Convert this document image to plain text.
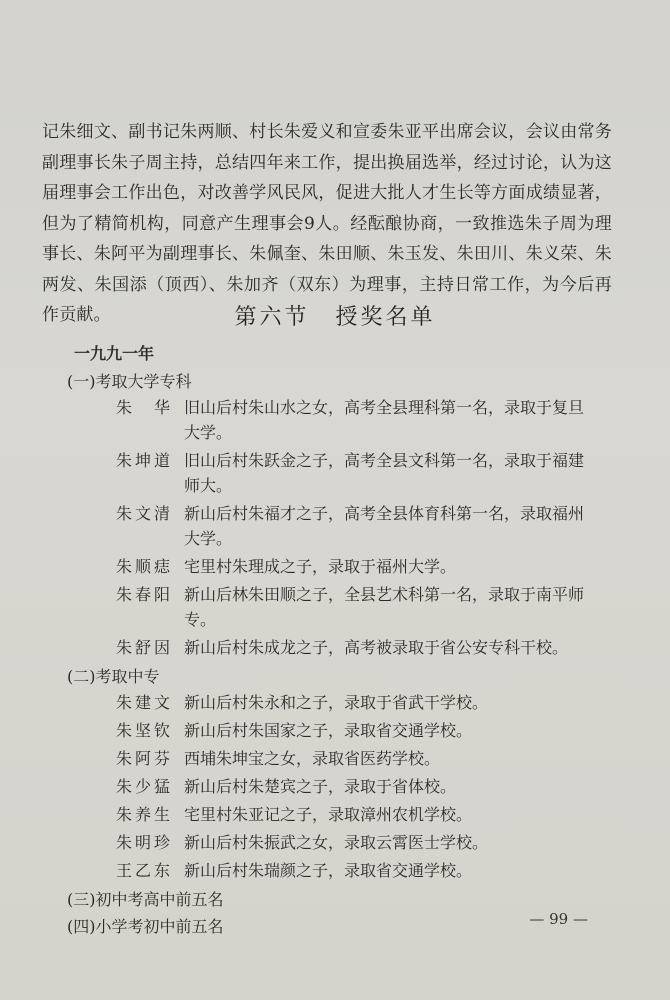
记朱细文、副书记朱两顺、村长朱爱义和宣委朱亚平出席会议，会议由常务副理事长朱子周主持，总结四年来工作，提出换届选举，经过讨论，认为这届理事会工作出色，对改善学风民风，促进大批人才生长等方面成绩显著，但为了精简机构，同意产生理事会9人。经酝酿协商，一致推选朱子周为理事长、朱阿平为副理事长、朱佩奎、朱田顺、朱玉发、朱田川、朱义荣、朱两发、朱国添（顶西）、朱加齐（双东）为理事，主持日常工作，为今后再作贡献。	第六节 授奖名单
一九九一年
(一)考取大学专科
朱　华 旧山后村朱山水之女，高考全县理科第一名，录取于复旦大学。
朱坤道 旧山后村朱跃金之子，高考全县文科第一名，录取于福建师大。
朱文清 新山后村朱福才之子，高考全县体育科第一名，录取福州大学。
朱顺痣 宅里村朱理成之子，录取于福州大学。
朱春阳 新山后林朱田顺之子，全县艺术科第一名，录取于南平师专。
朱舒因 新山后村朱成龙之子，高考被录取于省公安专科干校。
(二)考取中专
朱建文 新山后村朱永和之子，录取于省武干学校。
朱坚钦 新山后村朱国家之子，录取省交通学校。
朱阿芬 西埔朱坤宝之女，录取省医药学校。
朱少猛 新山后村朱楚宾之子，录取于省体校。
朱养生 宅里村朱亚记之子，录取漳州农机学校。
朱明珍 新山后村朱振武之女，录取云霄医士学校。
王乙东 新山后村朱瑞颜之子，录取省交通学校。
(三)初中考高中前五名
(四)小学考初中前五名	— 99 —
